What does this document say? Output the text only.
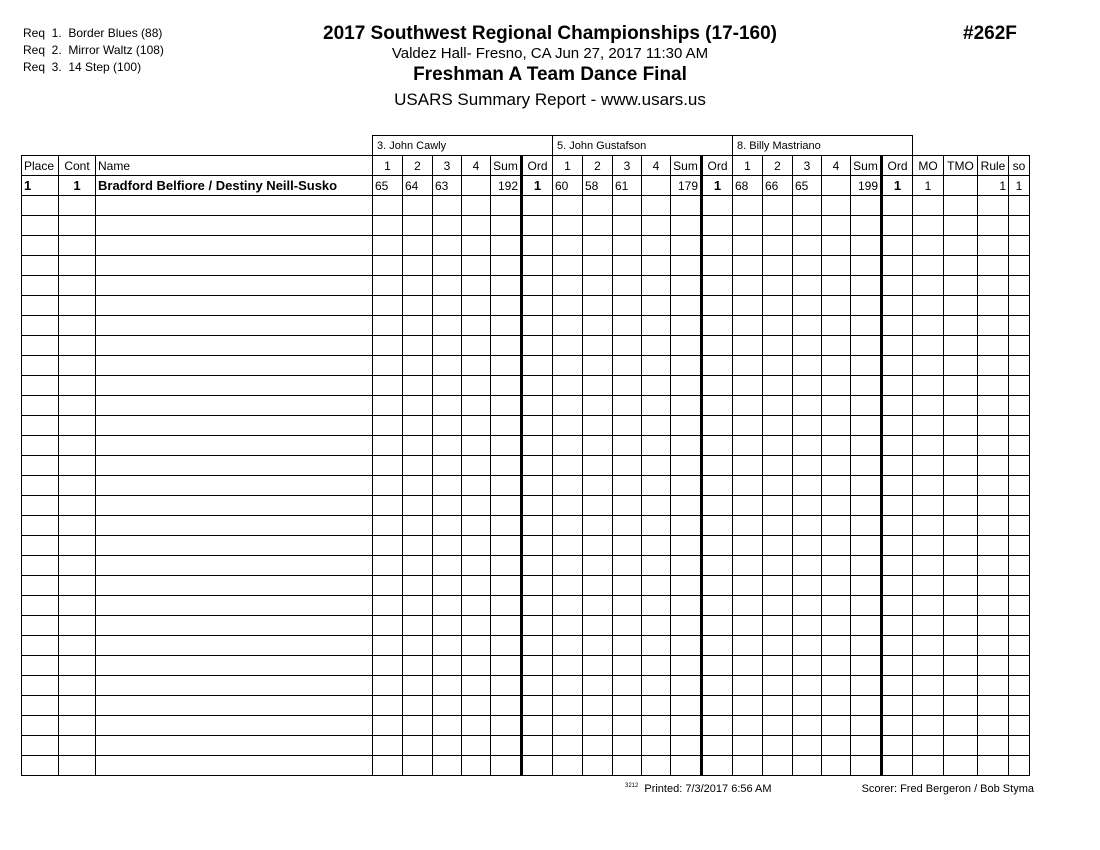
Req  1.  Border Blues (88)
Req  2.  Mirror Waltz (108)
Req  3.  14 Step (100)
2017 Southwest Regional Championships (17-160)
Valdez Hall- Fresno, CA Jun 27, 2017 11:30 AM
Freshman A Team Dance Final
USARS Summary Report - www.usars.us
#262F
			3. John Cawly						5. John Gustafson						8. Billy Mastriano									
Place	Cont	Name	1	2	3	4	Sum	Ord	1	2	3	4	Sum	Ord	1	2	3	4	Sum	Ord	MO	TMO	Rule	so
1	1	Bradford Belfiore / Destiny Neill-Susko	65	64	63		192	1	60	58	61		179	1	68	66	65		199	1	1		1	1

$^{3212}$ Printed: 7/3/2017 6:56 AM	Scorer: Fred Bergeron / Bob Styma
